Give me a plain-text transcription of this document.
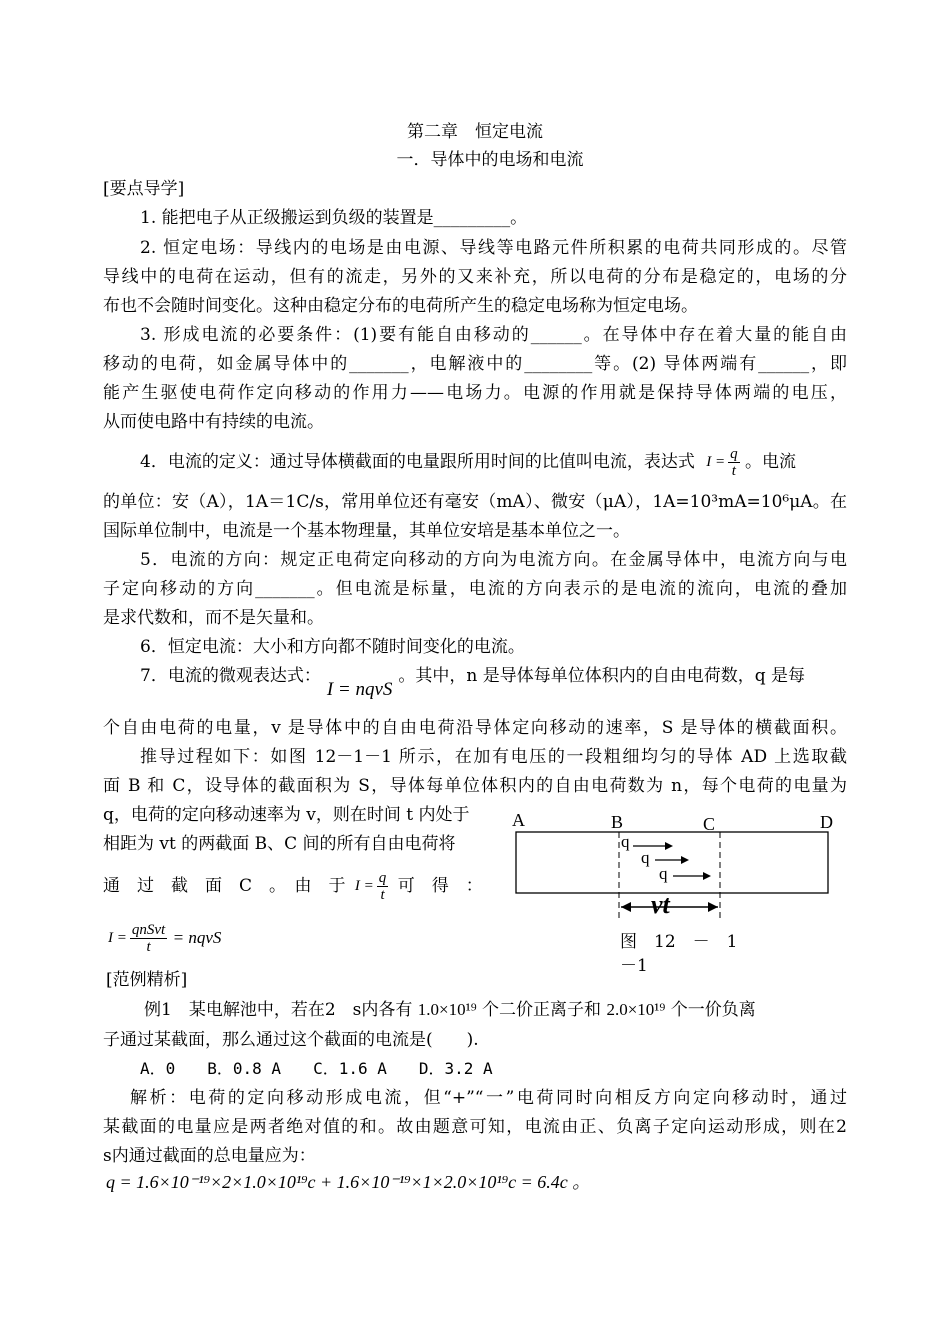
第二章　恒定电流
一．导体中的电场和电流
[要点导学]
1. 能把电子从正级搬运到负级的装置是_________。
2. 恒定电场：导线内的电场是由电源、导线等电路元件所积累的电荷共同形成的。尽管
导线中的电荷在运动，但有的流走，另外的又来补充，所以电荷的分布是稳定的，电场的分
布也不会随时间变化。这种由稳定分布的电荷所产生的稳定电场称为恒定电场。
3. 形成电流的必要条件：(1)要有能自由移动的______。在导体中存在着大量的能自由
移动的电荷，如金属导体中的_______，电解液中的________等。(2) 导体两端有______，即
能产生驱使电荷作定向移动的作用力——电场力。电源的作用就是保持导体两端的电压，
从而使电路中有持续的电流。
4．电流的定义：通过导体横截面的电量跟所用时间的比值叫电流，表达式 $I = \frac{q}{t}$ 。电流
的单位：安（A），1A＝1C/s，常用单位还有毫安（mA）、微安（μA），1A=10³mA=10⁶μA。在
国际单位制中，电流是一个基本物理量，其单位安培是基本单位之一。
5．电流的方向：规定正电荷定向移动的方向为电流方向。在金属导体中，电流方向与电
子定向移动的方向_______。但电流是标量，电流的方向表示的是电流的流向，电流的叠加
是求代数和，而不是矢量和。
6．恒定电流：大小和方向都不随时间变化的电流。
7．电流的微观表达式：I = nqvS。其中，n 是导体每单位体积内的自由电荷数，q 是每
个自由电荷的电量，v 是导体中的自由电荷沿导体定向移动的速率，S 是导体的横截面积。
推导过程如下：如图 12－1－1 所示，在加有电压的一段粗细均匀的导体 AD 上选取截
面 B 和 C，设导体的截面积为 S，导体每单位体积内的自由电荷数为 n，每个电荷的电量为
q，电荷的定向移动速率为 v，则在时间 t 内处于
相距为 vt 的两截面 B、C 间的所有自由电荷将
通　过　截　面　C　。　由　于 $I = \frac{q}{t}$ 可　得　：
I = qnSvt
t	= nqvS
A	B	C	D
q
q
q
vt
图　12　－　1
－1
[范例精析]
例1　某电解池中，若在2　s内各有 1.0×10¹⁹ 个二价正离子和 2.0×10¹⁹ 个一价负离
子通过某截面，那么通过这个截面的电流是(　　).
A．0　　B．0.8 A　　C．1.6 A　　D．3.2 A
解析：电荷的定向移动形成电流，但“+”“一”电荷同时向相反方向定向移动时，通过
某截面的电量应是两者绝对值的和。故由题意可知，电流由正、负离子定向运动形成，则在2
s内通过截面的总电量应为：
q = 1.6×10⁻¹⁹×2×1.0×10¹⁹c + 1.6×10⁻¹⁹×1×2.0×10¹⁹c = 6.4c 。
